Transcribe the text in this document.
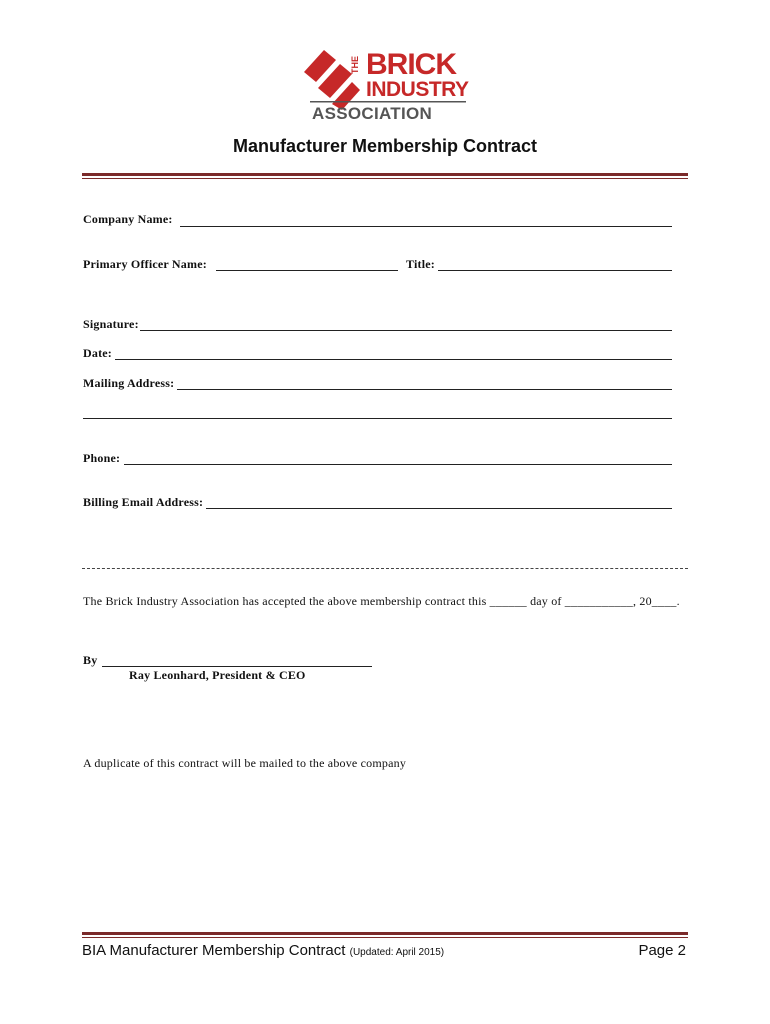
THE BRICK
INDUSTRY
ASSOCIATION
Manufacturer Membership Contract
Company Name:
Primary Officer Name:	Title:
Signature:
Date:
Mailing Address:
Phone:
Billing Email Address:
The Brick Industry Association has accepted the above membership contract this ______ day of ___________, 20____.
By
Ray Leonhard, President & CEO
A duplicate of this contract will be mailed to the above company
BIA Manufacturer Membership Contract (Updated: April 2015)	Page 2
